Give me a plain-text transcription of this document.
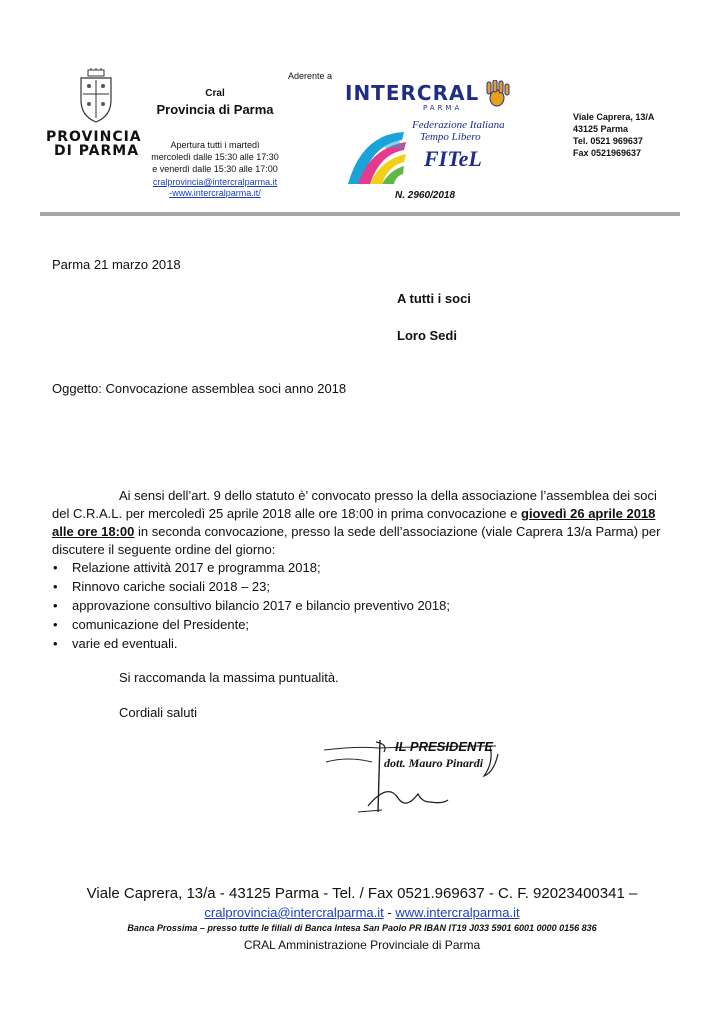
PROVINCIA
DI PARMA
Cral
Provincia di Parma
Apertura tutti i martedì
mercoledì dalle 15:30 alle 17:30
e venerdì dalle 15:30 alle 17:00
cralprovincia@intercralparma.it
-www.intercralparma.it/
Aderente a
INTERCRAL
PARMA
Federazione Italiana
Tempo Libero
FITeL
N. 2960/2018
Viale Caprera, 13/A
43125 Parma
Tel. 0521 969637
Fax 0521969637
Parma 21 marzo 2018
A tutti i soci
Loro Sedi
Oggetto: Convocazione assemblea soci anno 2018
Ai sensi dell’art. 9 dello statuto è’ convocato presso la della associazione l’assemblea dei soci
del C.R.A.L. per mercoledì 25 aprile 2018 alle ore 18:00 in prima convocazione e giovedì 26 aprile 2018
alle ore 18:00 in seconda convocazione, presso la sede dell’associazione (viale Caprera 13/a Parma) per
discutere il seguente ordine del giorno:
• Relazione attività 2017 e programma 2018;
• Rinnovo cariche sociali 2018 – 23;
• approvazione consultivo bilancio 2017 e bilancio preventivo 2018;
• comunicazione del Presidente;
• varie ed eventuali.
Si raccomanda la massima puntualità.
Cordiali saluti
IL PRESIDENTE
dott. Mauro Pinardi
Viale Caprera, 13/a - 43125 Parma - Tel. / Fax 0521.969637 - C. F. 92023400341 –
cralprovincia@intercralparma.it - www.intercralparma.it
Banca Prossima – presso tutte le filiali di Banca Intesa San Paolo PR IBAN IT19 J033 5901 6001 0000 0156 836
CRAL Amministrazione Provinciale di Parma
